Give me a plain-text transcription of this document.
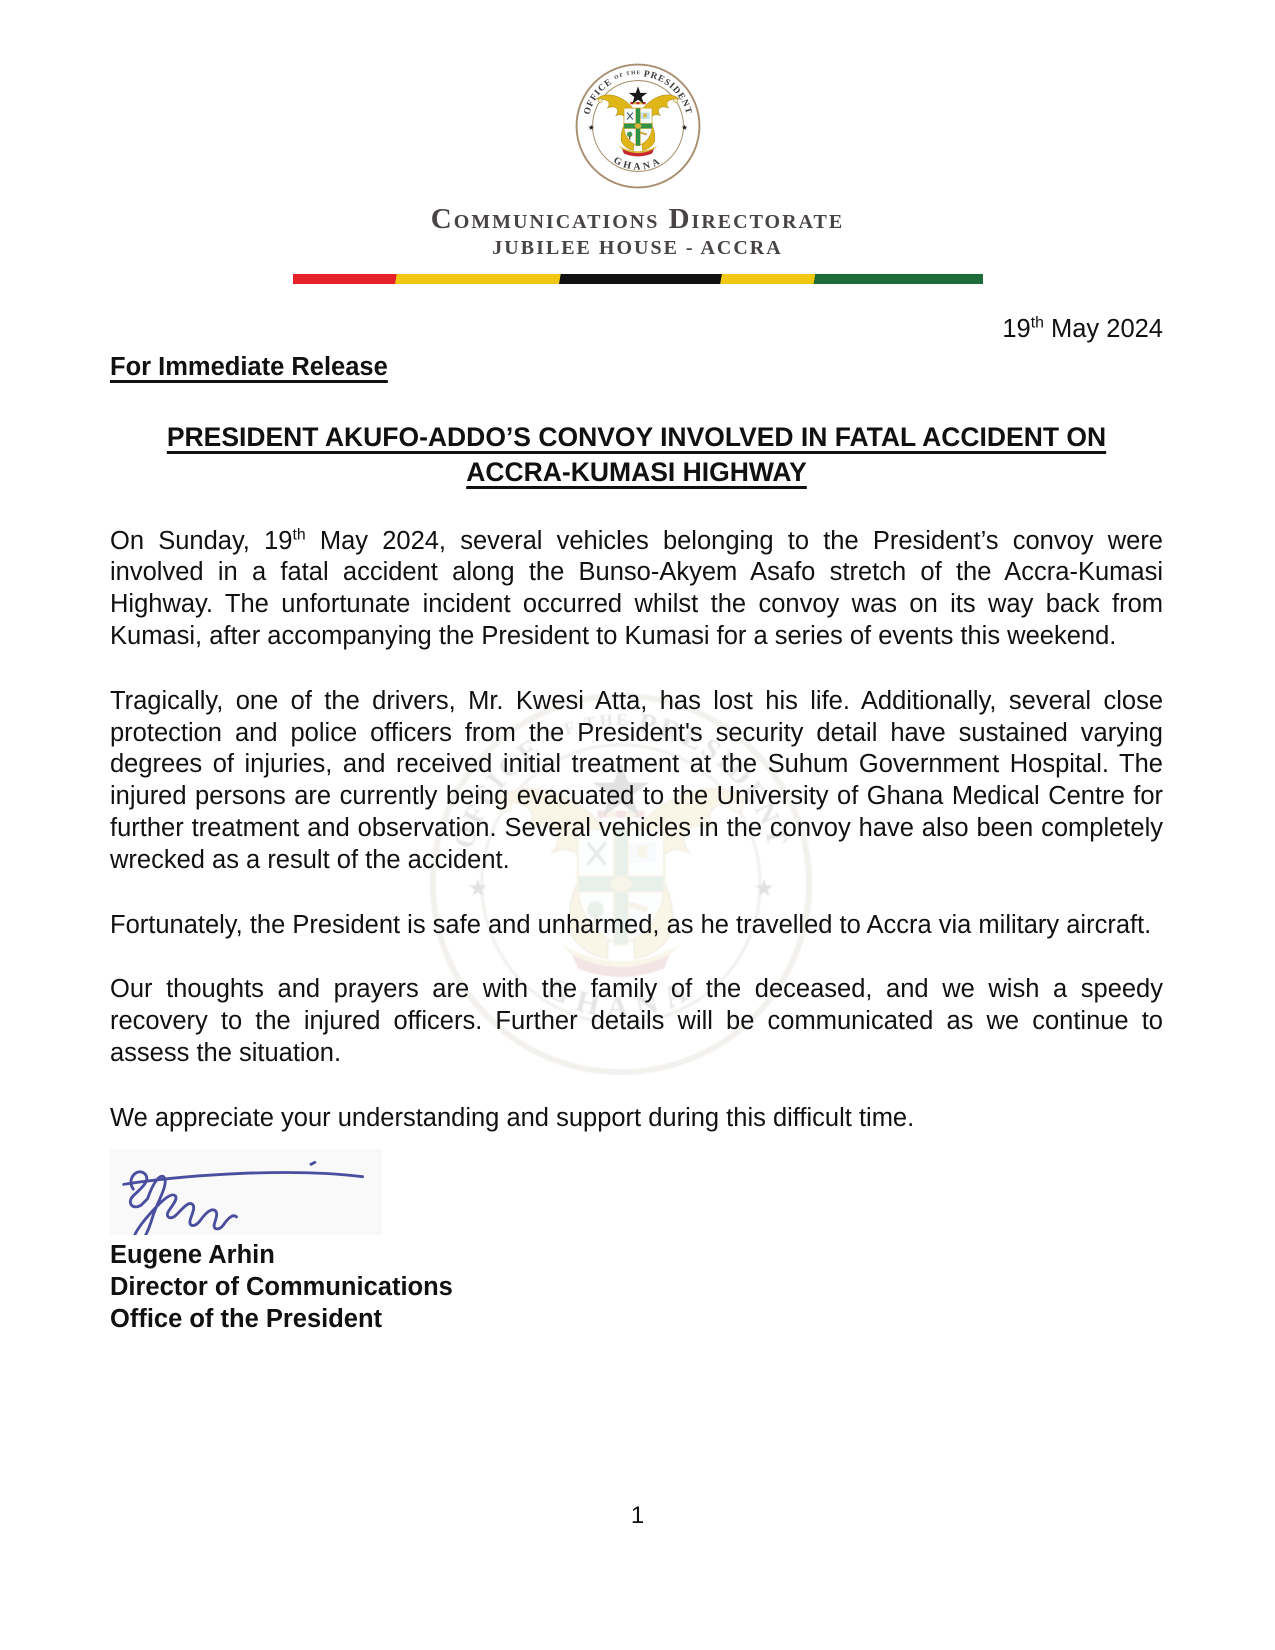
Communications Directorate
JUBILEE HOUSE - ACCRA
19th May 2024
For Immediate Release
PRESIDENT AKUFO-ADDO’S CONVOY INVOLVED IN FATAL ACCIDENT ON
ACCRA-KUMASI HIGHWAY

On Sunday, 19th May 2024, several vehicles belonging to the President’s convoy were involved in a fatal accident along the Bunso-Akyem Asafo stretch of the Accra-Kumasi Highway. The unfortunate incident occurred whilst the convoy was on its way back from Kumasi, after accompanying the President to Kumasi for a series of events this weekend.

Tragically, one of the drivers, Mr. Kwesi Atta, has lost his life. Additionally, several close protection and police officers from the President's security detail have sustained varying degrees of injuries, and received initial treatment at the Suhum Government Hospital. The injured persons are currently being evacuated to the University of Ghana Medical Centre for further treatment and observation. Several vehicles in the convoy have also been completely wrecked as a result of the accident.

Fortunately, the President is safe and unharmed, as he travelled to Accra via military aircraft.

Our thoughts and prayers are with the family of the deceased, and we wish a speedy recovery to the injured officers. Further details will be communicated as we continue to assess the situation.

We appreciate your understanding and support during this difficult time.

Eugene Arhin
Director of Communications
Office of the President
1
